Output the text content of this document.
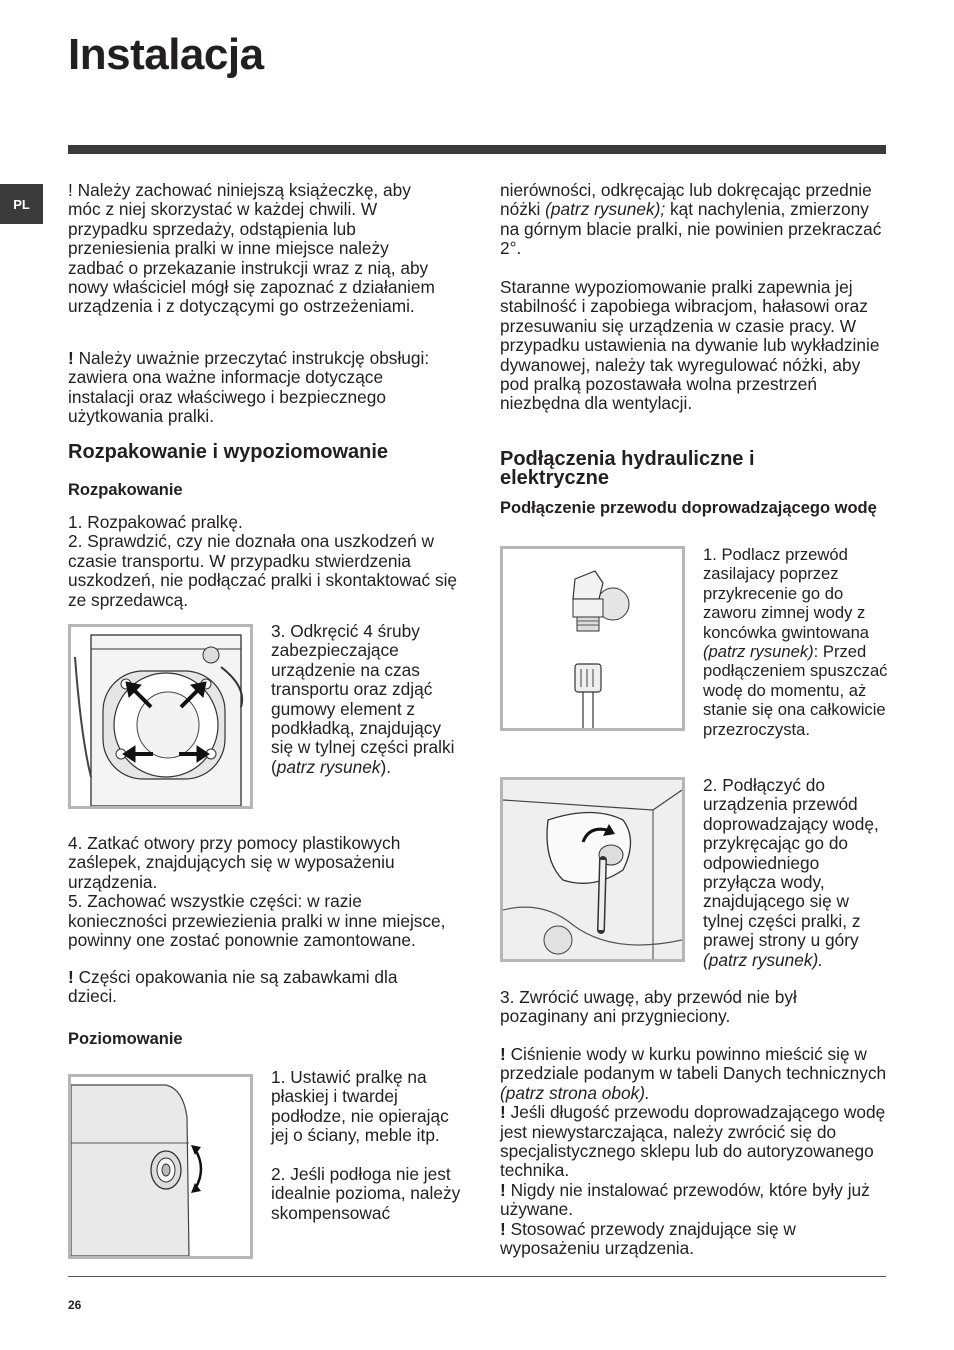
Instalacja
PL

! Należy zachować niniejszą książeczkę, aby móc z niej skorzystać w każdej chwili. W przypadku sprzedaży, odstąpienia lub przeniesienia pralki w inne miejsce należy zadbać o przekazanie instrukcji wraz z nią, aby nowy właściciel mógł się zapoznać z działaniem urządzenia i z dotyczącymi go ostrzeżeniami.

! Należy uważnie przeczytać instrukcję obsługi: zawiera ona ważne informacje dotyczące instalacji oraz właściwego i bezpiecznego użytkowania pralki.

Rozpakowanie i wypoziomowanie
Rozpakowanie
1. Rozpakować pralkę.
2. Sprawdzić, czy nie doznała ona uszkodzeń w czasie transportu. W przypadku stwierdzenia uszkodzeń, nie podłączać pralki i skontaktować się ze sprzedawcą.

3. Odkręcić 4 śruby zabezpieczające urządzenie na czas transportu oraz zdjąć gumowy element z podkładką, znajdujący się w tylnej części pralki (patrz rysunek).

4. Zatkać otwory przy pomocy plastikowych zaślepek, znajdujących się w wyposażeniu urządzenia.
5. Zachować wszystkie części: w razie konieczności przewiezienia pralki w inne miejsce, powinny one zostać ponownie zamontowane.

! Części opakowania nie są zabawkami dla dzieci.

Poziomowanie
1. Ustawić pralkę na płaskiej i twardej podłodze, nie opierając jej o ściany, meble itp.

2. Jeśli podłoga nie jest idealnie pozioma, należy skompensować

nierówności, odkręcając lub dokręcając przednie nóżki (patrz rysunek); kąt nachylenia, zmierzony na górnym blacie pralki, nie powinien przekraczać 2°.

Staranne wypoziomowanie pralki zapewnia jej stabilność i zapobiega wibracjom, hałasowi oraz przesuwaniu się urządzenia w czasie pracy. W przypadku ustawienia na dywanie lub wykładzinie dywanowej, należy tak wyregulować nóżki, aby pod pralką pozostawała wolna przestrzeń niezbędna dla wentylacji.

Podłączenia hydrauliczne i elektryczne
Podłączenie przewodu doprowadzającego wodę

1. Podlacz przewód zasilajacy poprzez przykrecenie go do zaworu zimnej wody z koncówka gwintowana (patrz rysunek): Przed podłączeniem spuszczać wodę do momentu, aż stanie się ona całkowicie przezroczysta.

2. Podłączyć do urządzenia przewód doprowadzający wodę, przykręcając go do odpowiedniego przyłącza wody, znajdującego się w tylnej części pralki, z prawej strony u góry (patrz rysunek).

3. Zwrócić uwagę, aby przewód nie był pozaginany ani przygnieciony.

! Ciśnienie wody w kurku powinno mieścić się w przedziale podanym w tabeli Danych technicznych (patrz strona obok).

! Jeśli długość przewodu doprowadzającego wodę jest niewystarczająca, należy zwrócić się do specjalistycznego sklepu lub do autoryzowanego technika.

! Nigdy nie instalować przewodów, które były już używane.

! Stosować przewody znajdujące się w wyposażeniu urządzenia.

26
